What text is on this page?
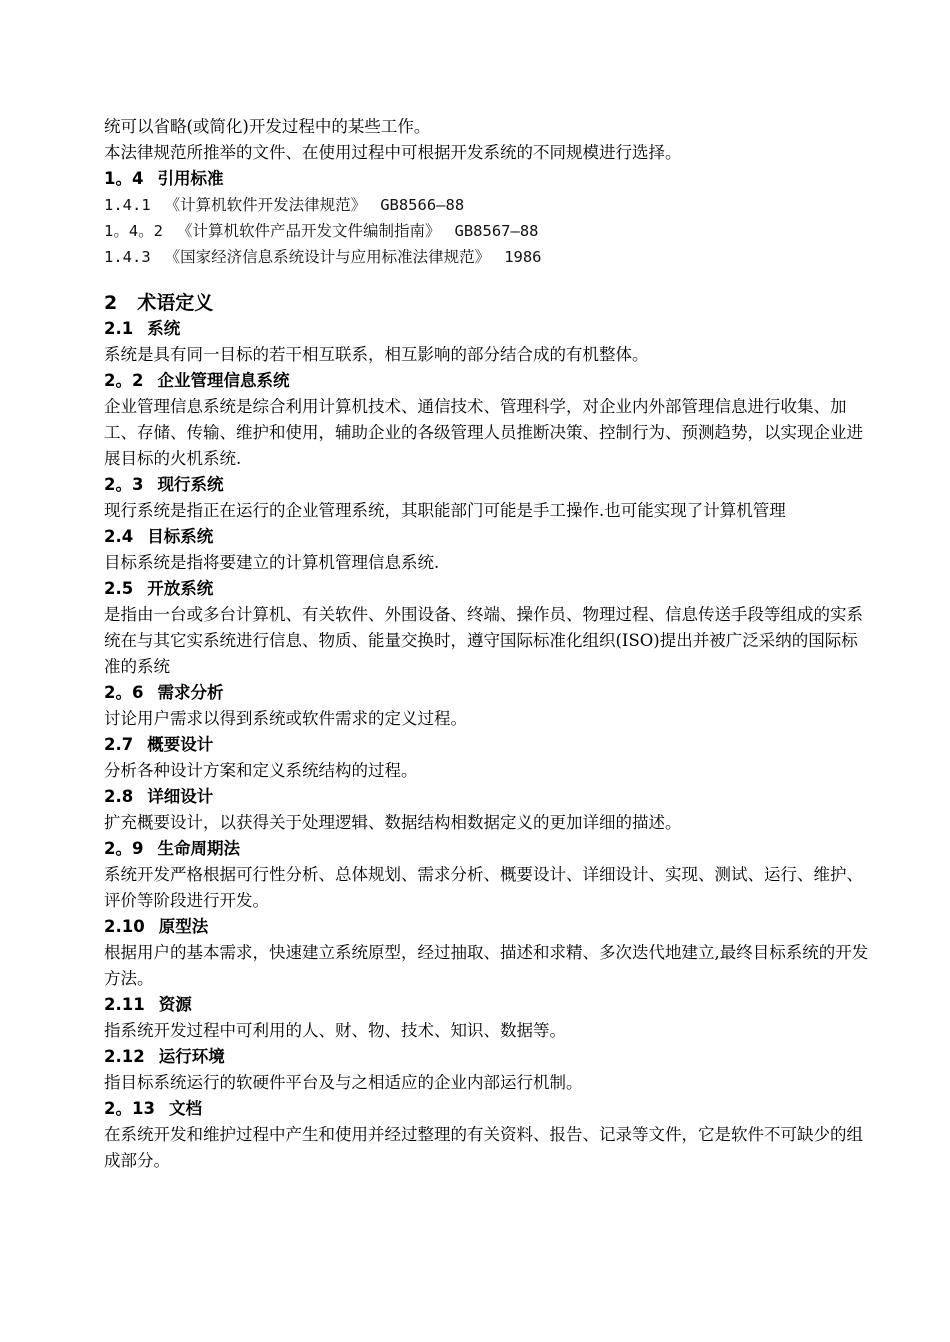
统可以省略(或简化)开发过程中的某些工作。

本法律规范所推举的文件、在使用过程中可根据开发系统的不同规模进行选择。

1。4 引用标准

1.4.1 《计算机软件开发法律规范》 GB8566—88

1。4。2 《计算机软件产品开发文件编制指南》 GB8567—88

1.4.3 《国家经济信息系统设计与应用标准法律规范》 1986

2 术语定义

2.1 系统

系统是具有同一目标的若干相互联系，相互影响的部分结合成的有机整体。

2。2 企业管理信息系统

企业管理信息系统是综合利用计算机技术、通信技术、管理科学，对企业内外部管理信息进行收集、加工、存储、传输、维护和使用，辅助企业的各级管理人员推断决策、控制行为、预测趋势，以实现企业进展目标的火机系统.

2。3 现行系统

现行系统是指正在运行的企业管理系统，其职能部门可能是手工操作.也可能实现了计算机管理

2.4 目标系统

目标系统是指将要建立的计算机管理信息系统.

2.5 开放系统

是指由一台或多台计算机、有关软件、外围设备、终端、操作员、物理过程、信息传送手段等组成的实系统在与其它实系统进行信息、物质、能量交换时，遵守国际标准化组织(ISO)提出并被广泛采纳的国际标准的系统

2。6 需求分析

讨论用户需求以得到系统或软件需求的定义过程。

2.7 概要设计

分析各种设计方案和定义系统结构的过程。

2.8 详细设计

扩充概要设计，以获得关于处理逻辑、数据结构相数据定义的更加详细的描述。

2。9 生命周期法

系统开发严格根据可行性分析、总体规划、需求分析、概要设计、详细设计、实现、测试、运行、维护、评价等阶段进行开发。

2.10 原型法

根据用户的基本需求，快速建立系统原型，经过抽取、描述和求精、多次迭代地建立,最终目标系统的开发方法。

2.11 资源

指系统开发过程中可利用的人、财、物、技术、知识、数据等。

2.12 运行环境

指目标系统运行的软硬件平台及与之相适应的企业内部运行机制。

2。13 文档

在系统开发和维护过程中产生和使用并经过整理的有关资料、报告、记录等文件，它是软件不可缺少的组成部分。
